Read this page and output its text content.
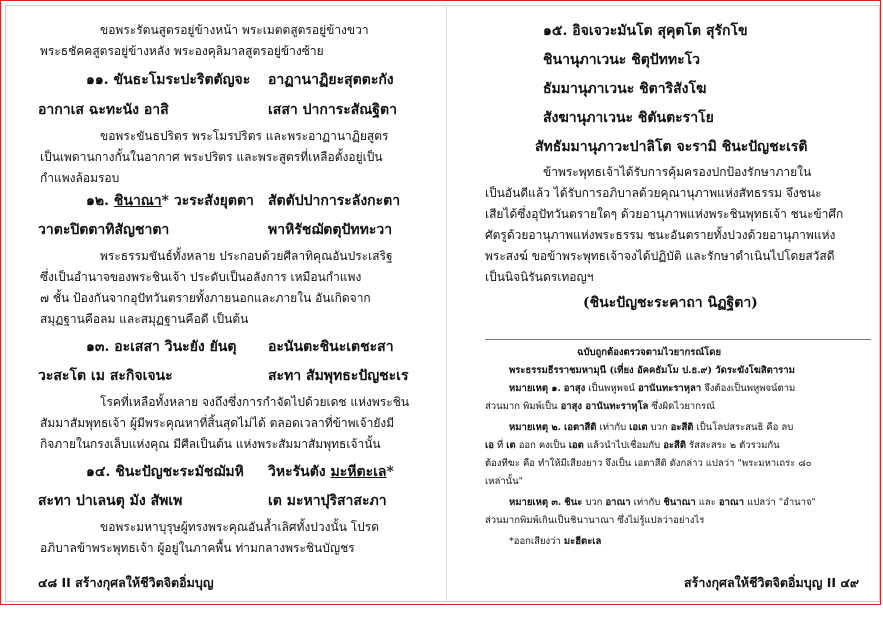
ขอพระรัตนสูตรอยู่ข้างหน้า พระเมตตสูตรอยู่ข้างขวา
พระธชัคคสูตรอยู่ข้างหลัง พระองคุลิมาลสูตรอยู่ข้างซ้าย
๑๑. ขันธะโมระปะริตตัญจะ อาฏานาฏิยะสุตตะกัง
อากาเส ฉะทะนัง อาสิ	เสสา ปาการะสัณฐิตา
ขอพระขันธปริตร พระโมรปริตร และพระอาฏานาฏิยสูตร
เป็นเพดานกางกั้นในอากาศ พระปริตร และพระสูตรที่เหลือตั้งอยู่เป็น
กำแพงล้อมรอบ
๑๒. ชินาณา* วะระสังยุตตา สัตตัปปาการะลังกะตา
วาตะปิตตาทิสัญชาตา	พาหิรัชฌัตตุปัททะวา
พระธรรมขันธ์ทั้งหลาย ประกอบด้วยศีลาทิคุณอันประเสริฐ
ซึ่งเป็นอำนาจของพระชินเจ้า ประดับเป็นอลังการ เหมือนกำแพง
๗ ชั้น ป้องกันจากอุปัทวันตรายทั้งภายนอกและภายใน อันเกิดจาก
สมุฏฐานคือลม และสมุฏฐานคือดี เป็นต้น
๑๓. อะเสสา วินะยัง ยันตุ อะนันตะชินะเตชะสา
วะสะโต เม สะกิจเจนะ	สะทา สัมพุทธะปัญชะเร
โรคที่เหลือทั้งหลาย จงถึงซึ่งการกำจัดไปด้วยเดช แห่งพระชิน
สัมมาสัมพุทธเจ้า ผู้มีพระคุณหาที่สิ้นสุดไม่ได้ ตลอดเวลาที่ข้าพเจ้ายังมี
กิจภายในกรงเล็บแห่งคุณ มีศีลเป็นต้น แห่งพระสัมมาสัมพุทธเจ้านั้น
๑๔. ชินะปัญชะระมัชฌัมหิ วิหะรันตัง มะหีตะเล*
สะทา ปาเลนตุ มัง สัพเพ	เต มะหาปุริสาสะภา
ขอพระมหาบุรุษผู้ทรงพระคุณอันล้ำเลิศทั้งปวงนั้น โปรด
อภิบาลข้าพระพุทธเจ้า ผู้อยู่ในภาคพื้น ท่ามกลางพระชินบัญชร
๔๘ II สร้างกุศลให้ชีวิตจิตอิ่มบุญ
๑๕. อิจเจวะมันโต สุคุตโต สุรักโข
ชินานุภาเวนะ ชิตุปัททะโว
ธัมมานุภาเวนะ ชิตาริสังโฆ
สังฆานุภาเวนะ ชิตันตะราโย
สัทธัมมานุภาวะปาลิโต จะรามิ ชินะปัญชะเรติ
ข้าพระพุทธเจ้าได้รับการคุ้มครองปกป้องรักษาภายใน
เป็นอันดีแล้ว ได้รับการอภิบาลด้วยคุณานุภาพแห่งสัทธรรม จึงชนะ
เสียได้ซึ่งอุปัทวันตรายใดๆ ด้วยอานุภาพแห่งพระชินพุทธเจ้า ชนะข้าศึก
ศัตรูด้วยอานุภาพแห่งพระธรรม ชนะอันตรายทั้งปวงด้วยอานุภาพแห่ง
พระสงฆ์ ขอข้าพระพุทธเจ้าจงได้ปฏิบัติ และรักษาดำเนินไปโดยสวัสดี
เป็นนิจนิรันดรเทอญฯ
(ชินะปัญชะระคาถา นิฏฐิตา)
ฉบับถูกต้องตรวจตามไวยากรณ์โดย
พระธรรมธีรราชมหามุนี (เที่ยง อัคคธัมโม ป.ธ.๙) วัดระฆังโฆสิตาราม
หมายเหตุ ๑. อาสุง เป็นพหูพจน์ อานันทะราหุลา จึงต้องเป็นพหูพจน์ตาม
ส่วนมาก พิมพ์เป็น อาสุง อานันทะราหุโล ซึ่งผิดไวยากรณ์
หมายเหตุ ๒. เอตาสีติ เท่ากับ เอเต บวก อะสีติ เป็นโลปสระสนธิ คือ ลบ
เอ ที่ เต ออก คงเป็น เอต แล้วนำไปเชื่อมกับ อะสีติ รัสสะสระ ๒ ตัวรวมกัน
ต้องทีฆะ คือ ทำให้มีเสียงยาว จึงเป็น เอตาสีติ ดังกล่าว แปลว่า "พระมหาเถระ ๘๐
เหล่านั้น"
หมายเหตุ ๓. ชินะ บวก อาณา เท่ากับ ชินาณา และ อาณา แปลว่า "อำนาจ"
ส่วนมากพิมพ์เกินเป็นชินานาณา ซึ่งไม่รู้แปลว่าอย่างไร
*ออกเสียงว่า มะฮีตะเล
สร้างกุศลให้ชีวิตจิตอิ่มบุญ II ๔๙
